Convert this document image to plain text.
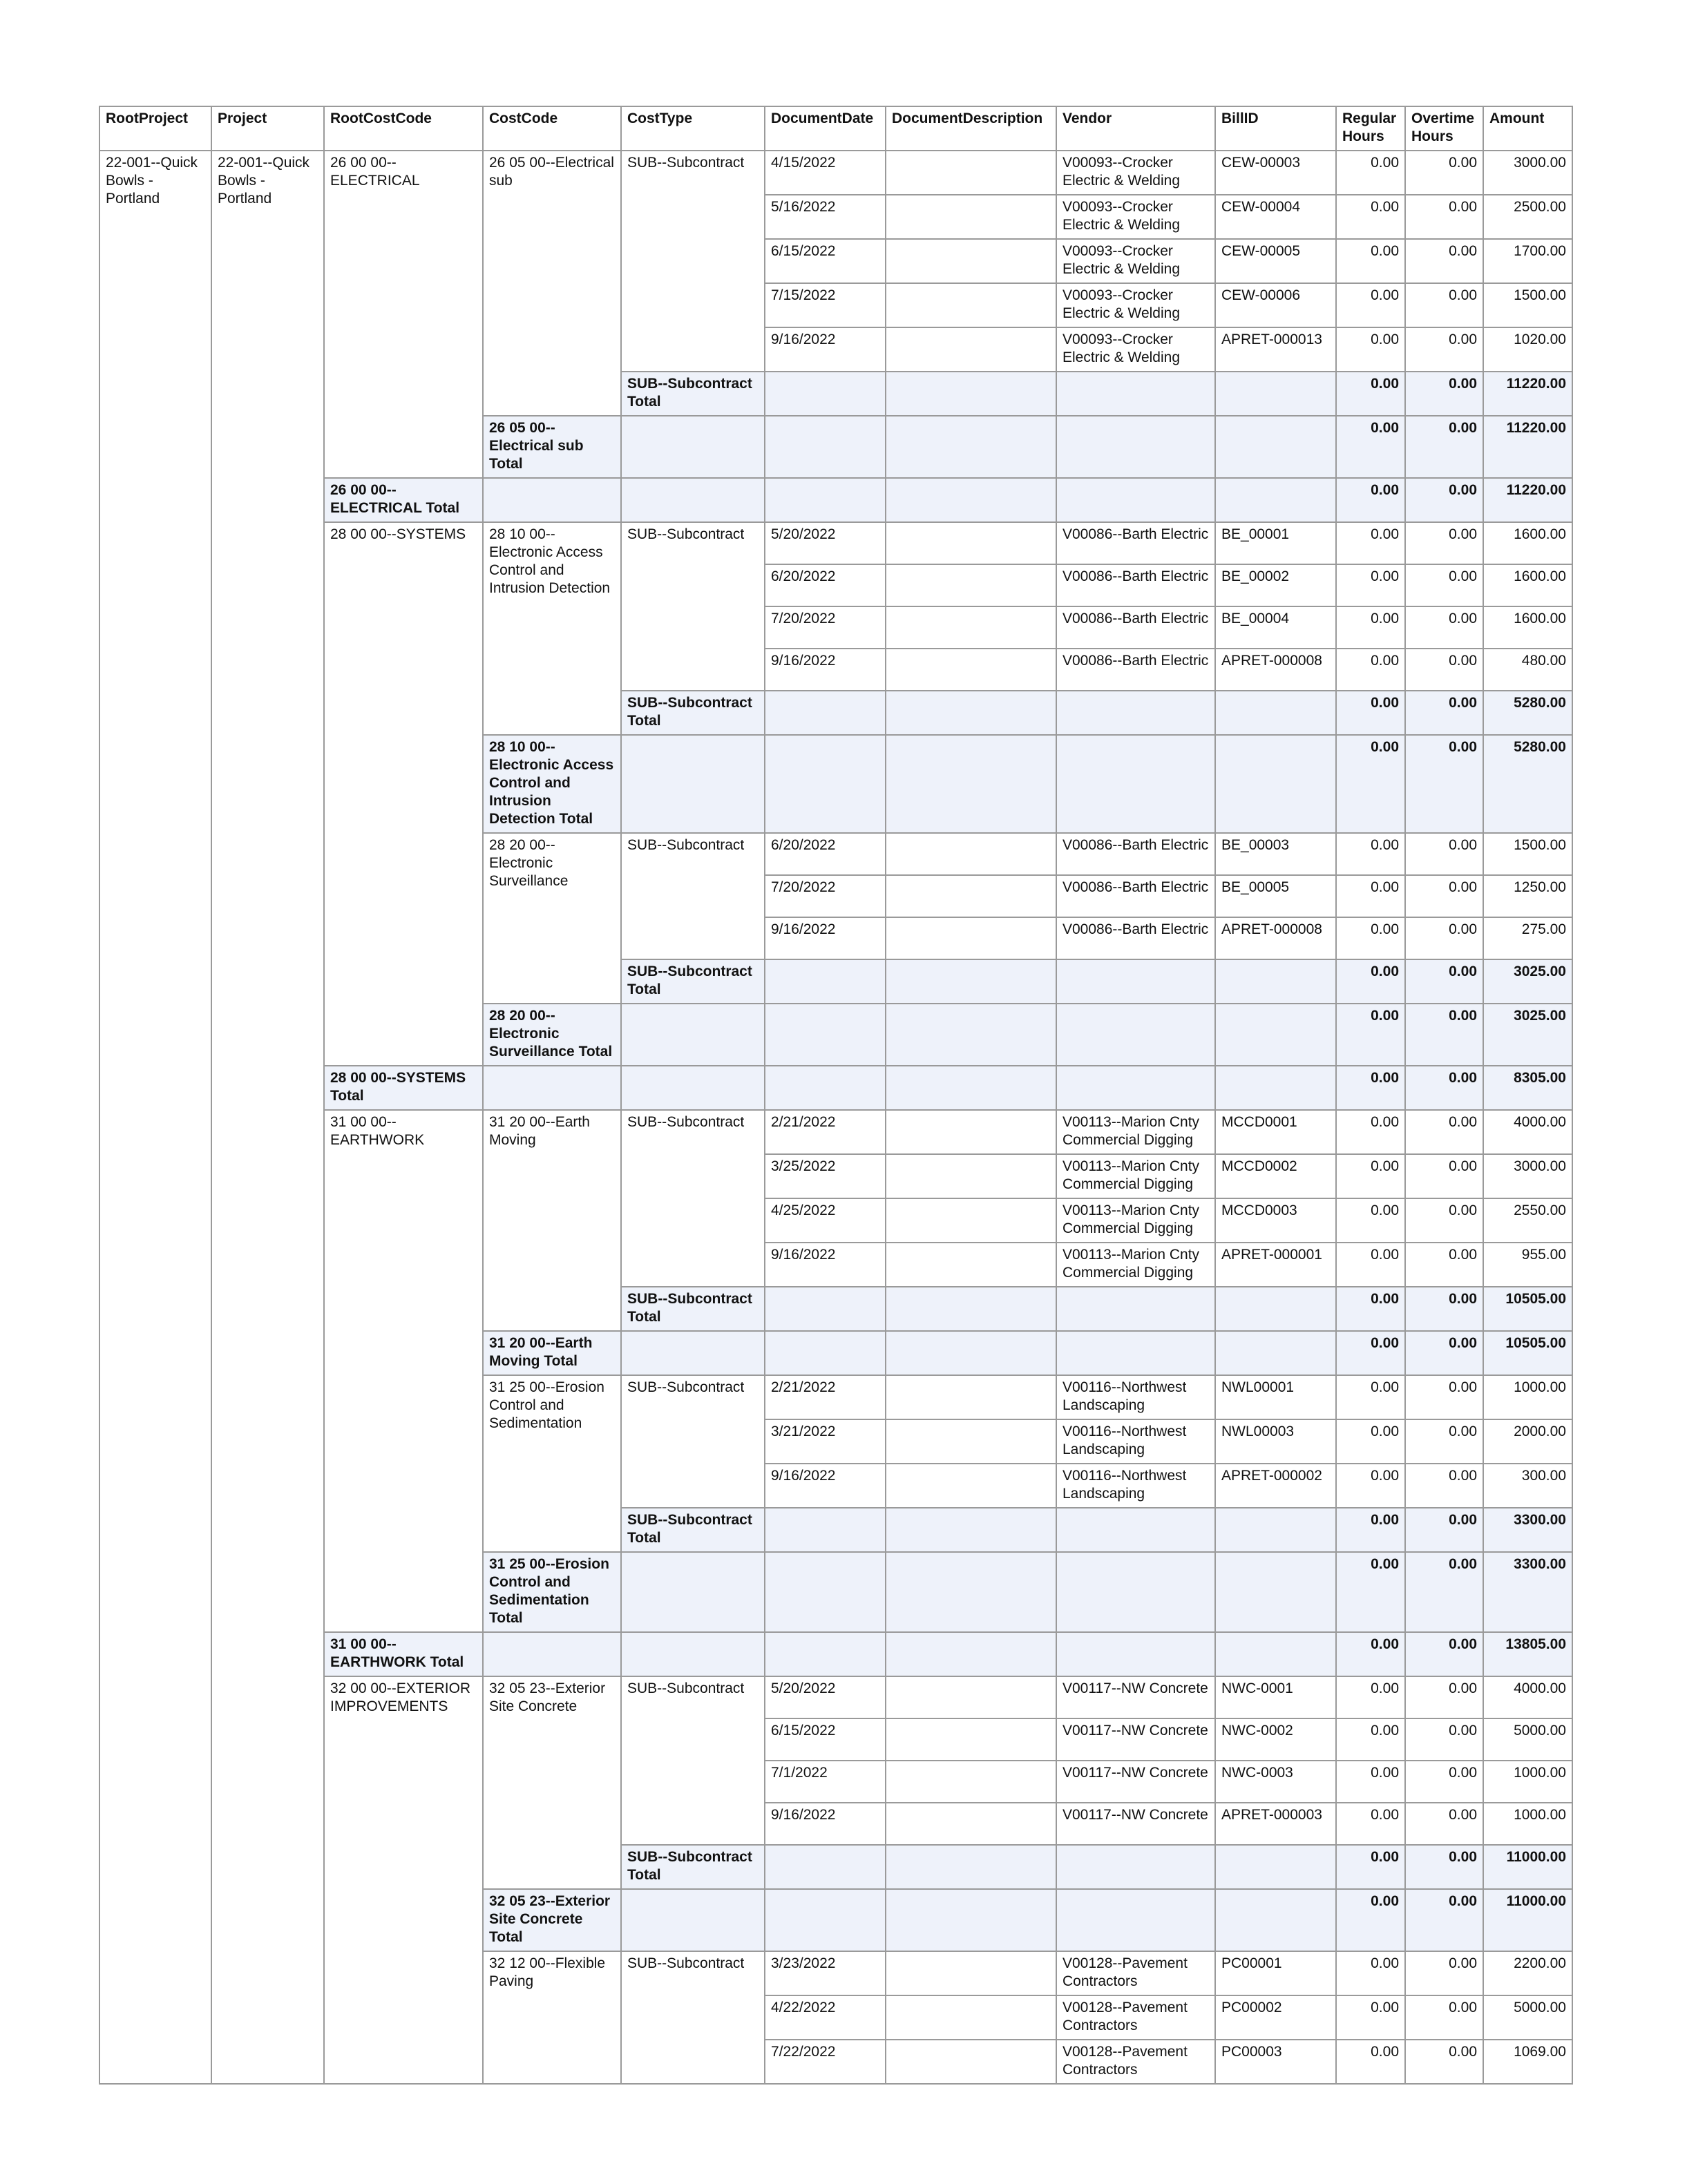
RootProject	Project	RootCostCode	CostCode	CostType	DocumentDate	DocumentDescription	Vendor	BillID	Regular Hours	Overtime Hours	Amount
22-001--Quick Bowls - Portland	22-001--Quick Bowls - Portland	26 00 00--ELECTRICAL	26 05 00--Electrical sub	SUB--Subcontract	4/15/2022		V00093--Crocker Electric & Welding	CEW-00003	0.00	0.00	3000.00
					5/16/2022		V00093--Crocker Electric & Welding	CEW-00004	0.00	0.00	2500.00
					6/15/2022		V00093--Crocker Electric & Welding	CEW-00005	0.00	0.00	1700.00
					7/15/2022		V00093--Crocker Electric & Welding	CEW-00006	0.00	0.00	1500.00
					9/16/2022		V00093--Crocker Electric & Welding	APRET-000013	0.00	0.00	1020.00
				SUB--Subcontract Total					0.00	0.00	11220.00
			26 05 00--Electrical sub Total						0.00	0.00	11220.00
		26 00 00--ELECTRICAL Total							0.00	0.00	11220.00
		28 00 00--SYSTEMS	28 10 00--Electronic Access Control and Intrusion Detection	SUB--Subcontract	5/20/2022		V00086--Barth Electric	BE_00001	0.00	0.00	1600.00
					6/20/2022		V00086--Barth Electric	BE_00002	0.00	0.00	1600.00
					7/20/2022		V00086--Barth Electric	BE_00004	0.00	0.00	1600.00
					9/16/2022		V00086--Barth Electric	APRET-000008	0.00	0.00	480.00
				SUB--Subcontract Total					0.00	0.00	5280.00
			28 10 00--Electronic Access Control and Intrusion Detection Total						0.00	0.00	5280.00
			28 20 00--Electronic Surveillance	SUB--Subcontract	6/20/2022		V00086--Barth Electric	BE_00003	0.00	0.00	1500.00
					7/20/2022		V00086--Barth Electric	BE_00005	0.00	0.00	1250.00
					9/16/2022		V00086--Barth Electric	APRET-000008	0.00	0.00	275.00
				SUB--Subcontract Total					0.00	0.00	3025.00
			28 20 00--Electronic Surveillance Total						0.00	0.00	3025.00
		28 00 00--SYSTEMS Total							0.00	0.00	8305.00
		31 00 00--EARTHWORK	31 20 00--Earth Moving	SUB--Subcontract	2/21/2022		V00113--Marion Cnty Commercial Digging	MCCD0001	0.00	0.00	4000.00
					3/25/2022		V00113--Marion Cnty Commercial Digging	MCCD0002	0.00	0.00	3000.00
					4/25/2022		V00113--Marion Cnty Commercial Digging	MCCD0003	0.00	0.00	2550.00
					9/16/2022		V00113--Marion Cnty Commercial Digging	APRET-000001	0.00	0.00	955.00
				SUB--Subcontract Total					0.00	0.00	10505.00
			31 20 00--Earth Moving Total						0.00	0.00	10505.00
			31 25 00--Erosion Control and Sedimentation	SUB--Subcontract	2/21/2022		V00116--Northwest Landscaping	NWL00001	0.00	0.00	1000.00
					3/21/2022		V00116--Northwest Landscaping	NWL00003	0.00	0.00	2000.00
					9/16/2022		V00116--Northwest Landscaping	APRET-000002	0.00	0.00	300.00
				SUB--Subcontract Total					0.00	0.00	3300.00
			31 25 00--Erosion Control and Sedimentation Total						0.00	0.00	3300.00
		31 00 00--EARTHWORK Total							0.00	0.00	13805.00
		32 00 00--EXTERIOR IMPROVEMENTS	32 05 23--Exterior Site Concrete	SUB--Subcontract	5/20/2022		V00117--NW Concrete	NWC-0001	0.00	0.00	4000.00
					6/15/2022		V00117--NW Concrete	NWC-0002	0.00	0.00	5000.00
					7/1/2022		V00117--NW Concrete	NWC-0003	0.00	0.00	1000.00
					9/16/2022		V00117--NW Concrete	APRET-000003	0.00	0.00	1000.00
				SUB--Subcontract Total					0.00	0.00	11000.00
			32 05 23--Exterior Site Concrete Total						0.00	0.00	11000.00
			32 12 00--Flexible Paving	SUB--Subcontract	3/23/2022		V00128--Pavement Contractors	PC00001	0.00	0.00	2200.00
					4/22/2022		V00128--Pavement Contractors	PC00002	0.00	0.00	5000.00
					7/22/2022		V00128--Pavement Contractors	PC00003	0.00	0.00	1069.00
